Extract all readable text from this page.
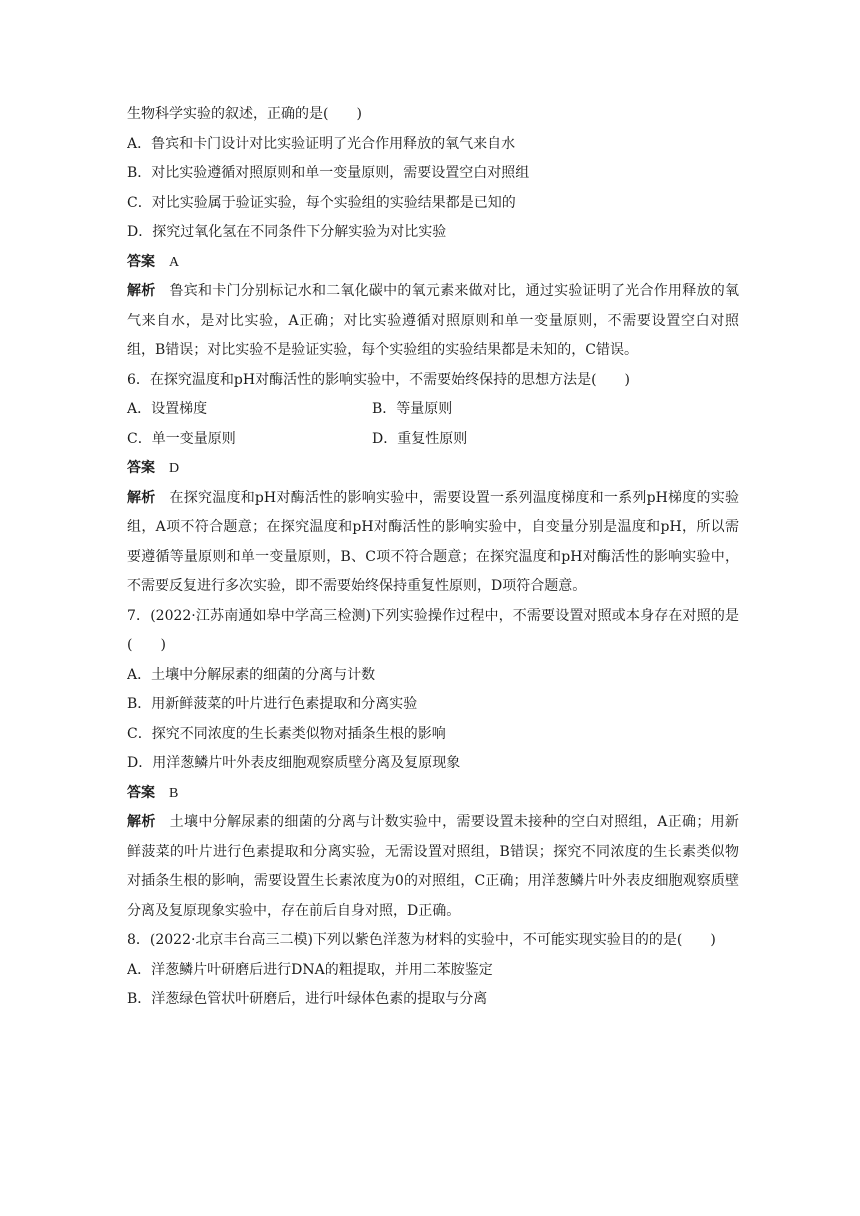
生物科学实验的叙述，正确的是(　　)
A．鲁宾和卡门设计对比实验证明了光合作用释放的氧气来自水
B．对比实验遵循对照原则和单一变量原则，需要设置空白对照组
C．对比实验属于验证实验，每个实验组的实验结果都是已知的
D．探究过氧化氢在不同条件下分解实验为对比实验
答案 A
解析 鲁宾和卡门分别标记水和二氧化碳中的氧元素来做对比，通过实验证明了光合作用释放的氧气来自水，是对比实验，A正确；对比实验遵循对照原则和单一变量原则，不需要设置空白对照组，B错误；对比实验不是验证实验，每个实验组的实验结果都是未知的，C错误。
6．在探究温度和pH对酶活性的影响实验中，不需要始终保持的思想方法是(　　)
A．设置梯度	B．等量原则
C．单一变量原则	D．重复性原则
答案 D
解析 在探究温度和pH对酶活性的影响实验中，需要设置一系列温度梯度和一系列pH梯度的实验组，A项不符合题意；在探究温度和pH对酶活性的影响实验中，自变量分别是温度和pH，所以需要遵循等量原则和单一变量原则，B、C项不符合题意；在探究温度和pH对酶活性的影响实验中，不需要反复进行多次实验，即不需要始终保持重复性原则，D项符合题意。
7．(2022·江苏南通如皋中学高三检测)下列实验操作过程中，不需要设置对照或本身存在对照的是(　　)
A．土壤中分解尿素的细菌的分离与计数
B．用新鲜菠菜的叶片进行色素提取和分离实验
C．探究不同浓度的生长素类似物对插条生根的影响
D．用洋葱鳞片叶外表皮细胞观察质壁分离及复原现象
答案 B
解析 土壤中分解尿素的细菌的分离与计数实验中，需要设置未接种的空白对照组，A正确；用新鲜菠菜的叶片进行色素提取和分离实验，无需设置对照组，B错误；探究不同浓度的生长素类似物对插条生根的影响，需要设置生长素浓度为0的对照组，C正确；用洋葱鳞片叶外表皮细胞观察质壁分离及复原现象实验中，存在前后自身对照，D正确。
8．(2022·北京丰台高三二模)下列以紫色洋葱为材料的实验中，不可能实现实验目的的是(　　)
A．洋葱鳞片叶研磨后进行DNA的粗提取，并用二苯胺鉴定
B．洋葱绿色管状叶研磨后，进行叶绿体色素的提取与分离
